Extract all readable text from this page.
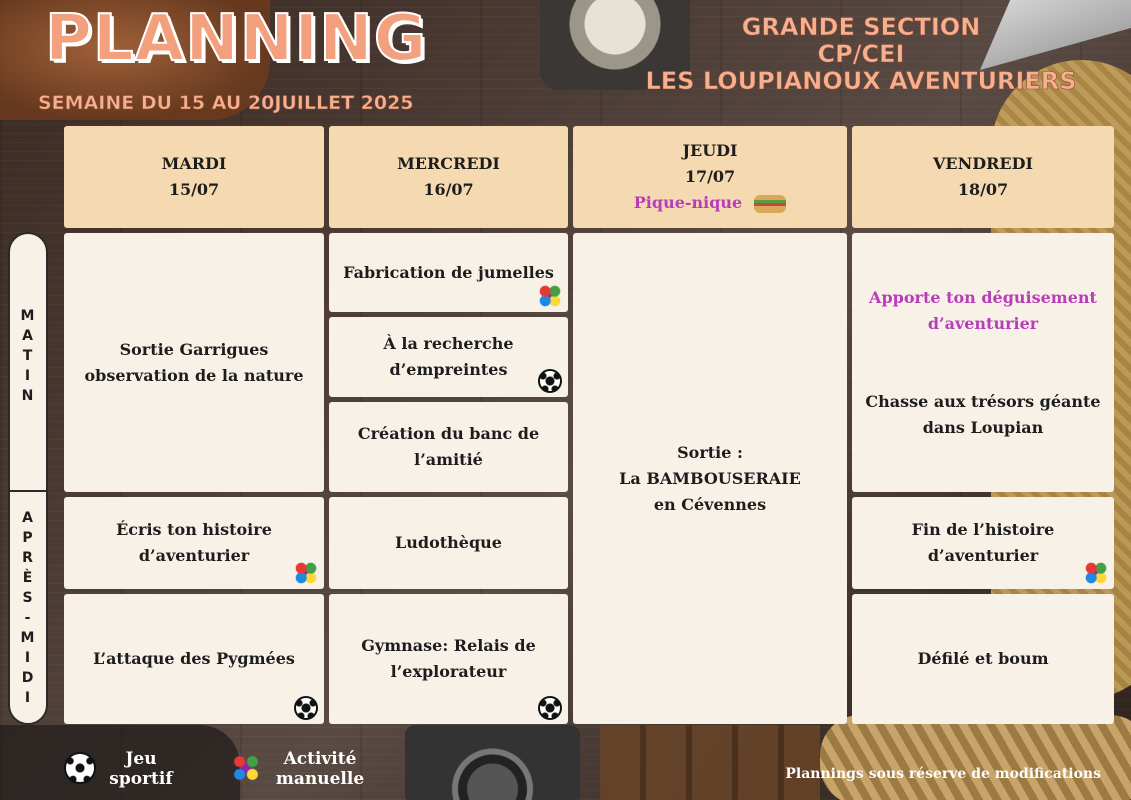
PLANNING
SEMAINE DU 15 AU 20JUILLET 2025
GRANDE SECTION
CP/CEI
LES LOUPIANOUX AVENTURIERS
M
A
T
I
N
A
P
R
È
S
-
M
I
D
I
MARDI
15/07
MERCREDI
16/07
JEUDI
17/07
Pique-nique
VENDREDI
18/07
Sortie Garrigues
observation de la nature
Écris ton histoire
d’aventurier
L’attaque des Pygmées
Fabrication de jumelles
À la recherche
d’empreintes
Création du banc de
l’amitié
Ludothèque
Gymnase: Relais de
l’explorateur
Sortie :
La BAMBOUSERAIE
en Cévennes
Apporte ton déguisement
d’aventurier
Chasse aux trésors géante
dans Loupian
Fin de l’histoire
d’aventurier
Défilé et boum
Jeu
sportif
Activité
manuelle	Plannings sous réserve de modifications
